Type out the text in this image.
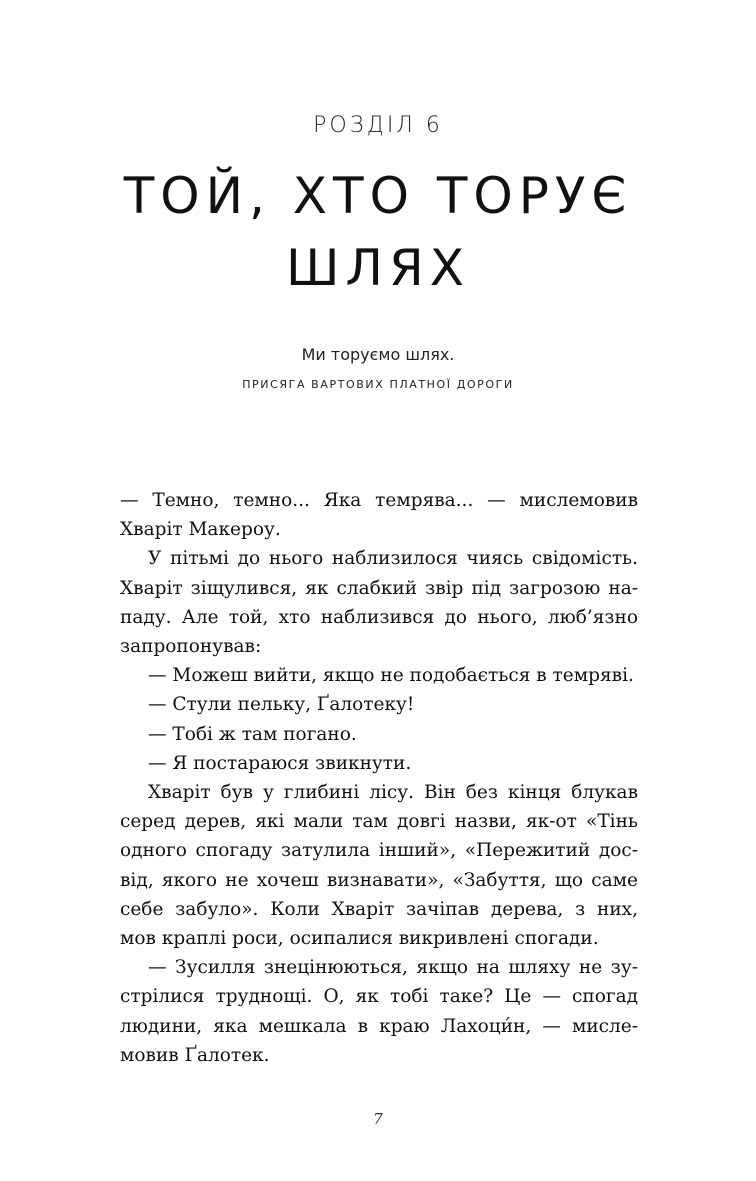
РОЗДІЛ 6
ТОЙ, ХТО ТОРУЄ
ШЛЯХ
Ми торуємо шлях.
ПРИСЯГА ВАРТОВИХ ПЛАТНОЇ ДОРОГИ
— Темно, темно... Яка темрява... — мислемовив
Хваріт Макероу.
У пітьмі до нього наблизилося чиясь свідомість.
Хваріт зіщулився, як слабкий звір під загрозою на-
паду. Але той, хто наблизився до нього, люб’язно
запропонував:
— Можеш вийти, якщо не подобається в темряві.
— Стули пельку, Ґалотеку!
— Тобі ж там погано.
— Я постараюся звикнути.
Хваріт був у глибині лісу. Він без кінця блукав
серед дерев, які мали там довгі назви, як-от «Тінь
одного спогаду затулила інший», «Пережитий дос-
від, якого не хочеш визнавати», «Забуття, що саме
себе забуло». Коли Хваріт зачіпав дерева, з них,
мов краплі роси, осипалися викривлені спогади.
— Зусилля знецінюються, якщо на шляху не зу-
стрілися труднощі. О, як тобі таке? Це — спогад
людини, яка мешкала в краю Лахоци́н, — мисле-
мовив Ґалотек.
7
